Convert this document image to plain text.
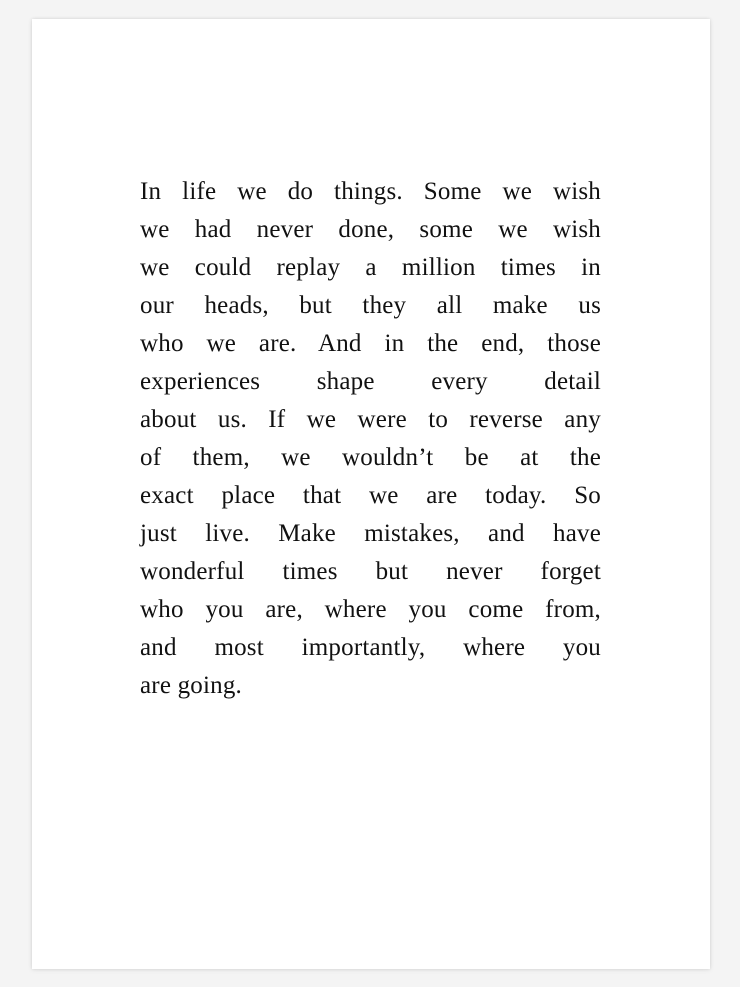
In life we do things. Some we wish
we had never done, some we wish
we could replay a million times in
our heads, but they all make us
who we are. And in the end, those
experiences shape every detail
about us. If we were to reverse any
of them, we wouldn’t be at the
exact place that we are today. So
just live. Make mistakes, and have
wonderful times but never forget
who you are, where you come from,
and most importantly, where you
are going.
